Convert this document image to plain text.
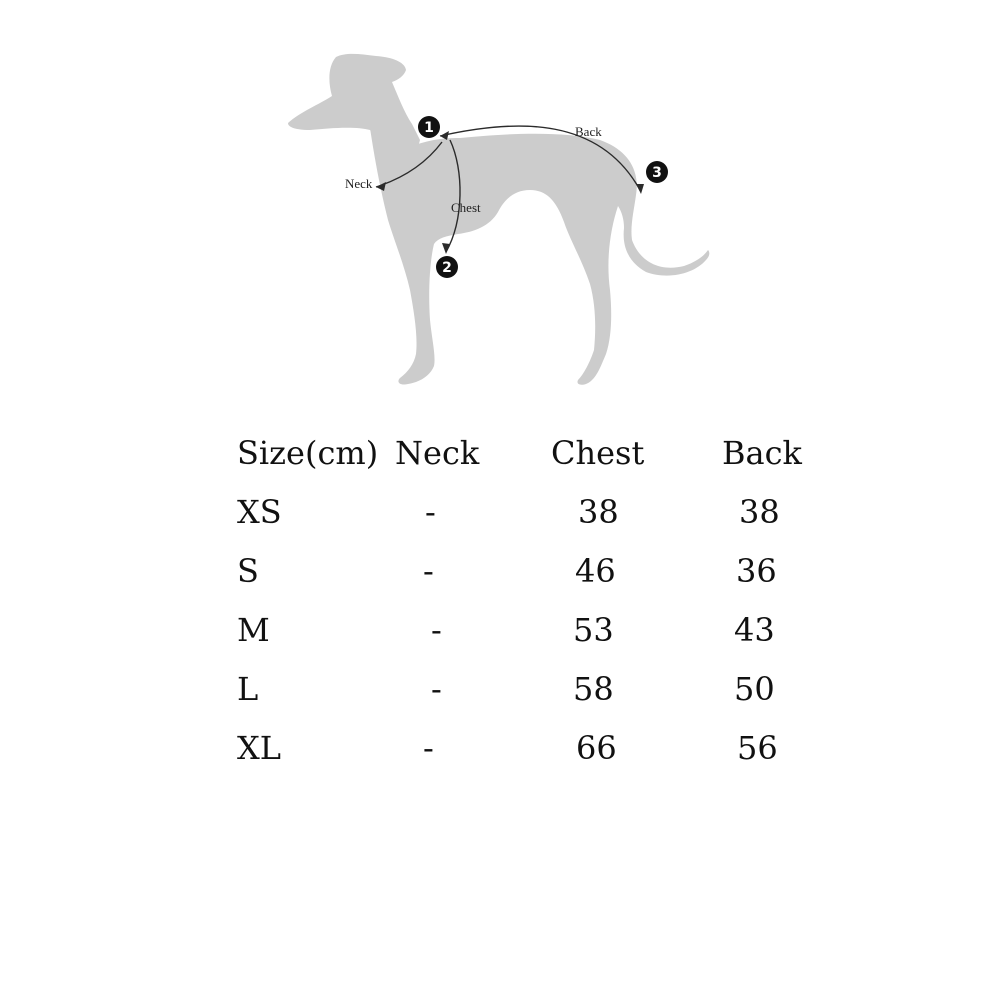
Neck
Chest
Back
1
2
3
Size(cm) Neck Chest Back
XS	-	38	38
S	-	46	36
M	-	53	43
L	-	58	50
XL	-	66	56
